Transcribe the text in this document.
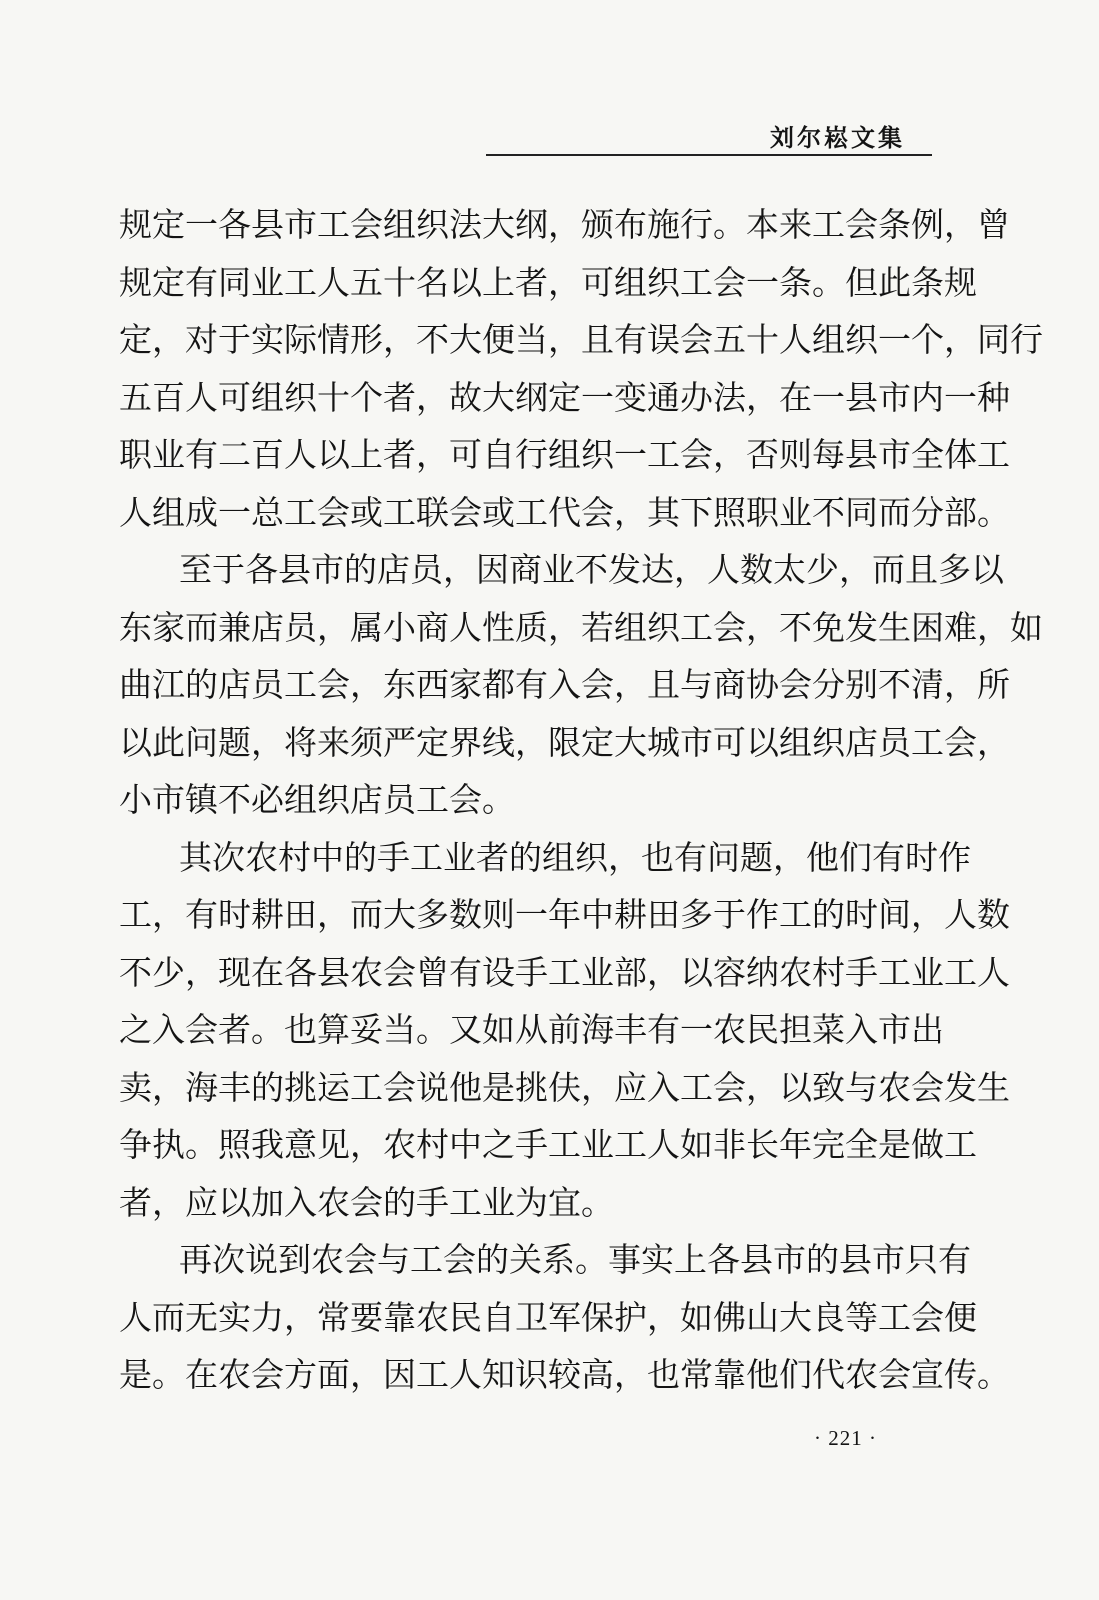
刘尔崧文集
规定一各县市工会组织法大纲，颁布施行。本来工会条例，曾
规定有同业工人五十名以上者，可组织工会一条。但此条规
定，对于实际情形，不大便当，且有误会五十人组织一个，同行
五百人可组织十个者，故大纲定一变通办法，在一县市内一种
职业有二百人以上者，可自行组织一工会，否则每县市全体工
人组成一总工会或工联会或工代会，其下照职业不同而分部。
至于各县市的店员，因商业不发达，人数太少，而且多以
东家而兼店员，属小商人性质，若组织工会，不免发生困难，如
曲江的店员工会，东西家都有入会，且与商协会分别不清，所
以此问题，将来须严定界线，限定大城市可以组织店员工会，
小市镇不必组织店员工会。
其次农村中的手工业者的组织，也有问题，他们有时作
工，有时耕田，而大多数则一年中耕田多于作工的时间，人数
不少，现在各县农会曾有设手工业部，以容纳农村手工业工人
之入会者。也算妥当。又如从前海丰有一农民担菜入市出
卖，海丰的挑运工会说他是挑伕，应入工会，以致与农会发生
争执。照我意见，农村中之手工业工人如非长年完全是做工
者，应以加入农会的手工业为宜。
再次说到农会与工会的关系。事实上各县市的县市只有
人而无实力，常要靠农民自卫军保护，如佛山大良等工会便
是。在农会方面，因工人知识较高，也常靠他们代农会宣传。
· 221 ·
